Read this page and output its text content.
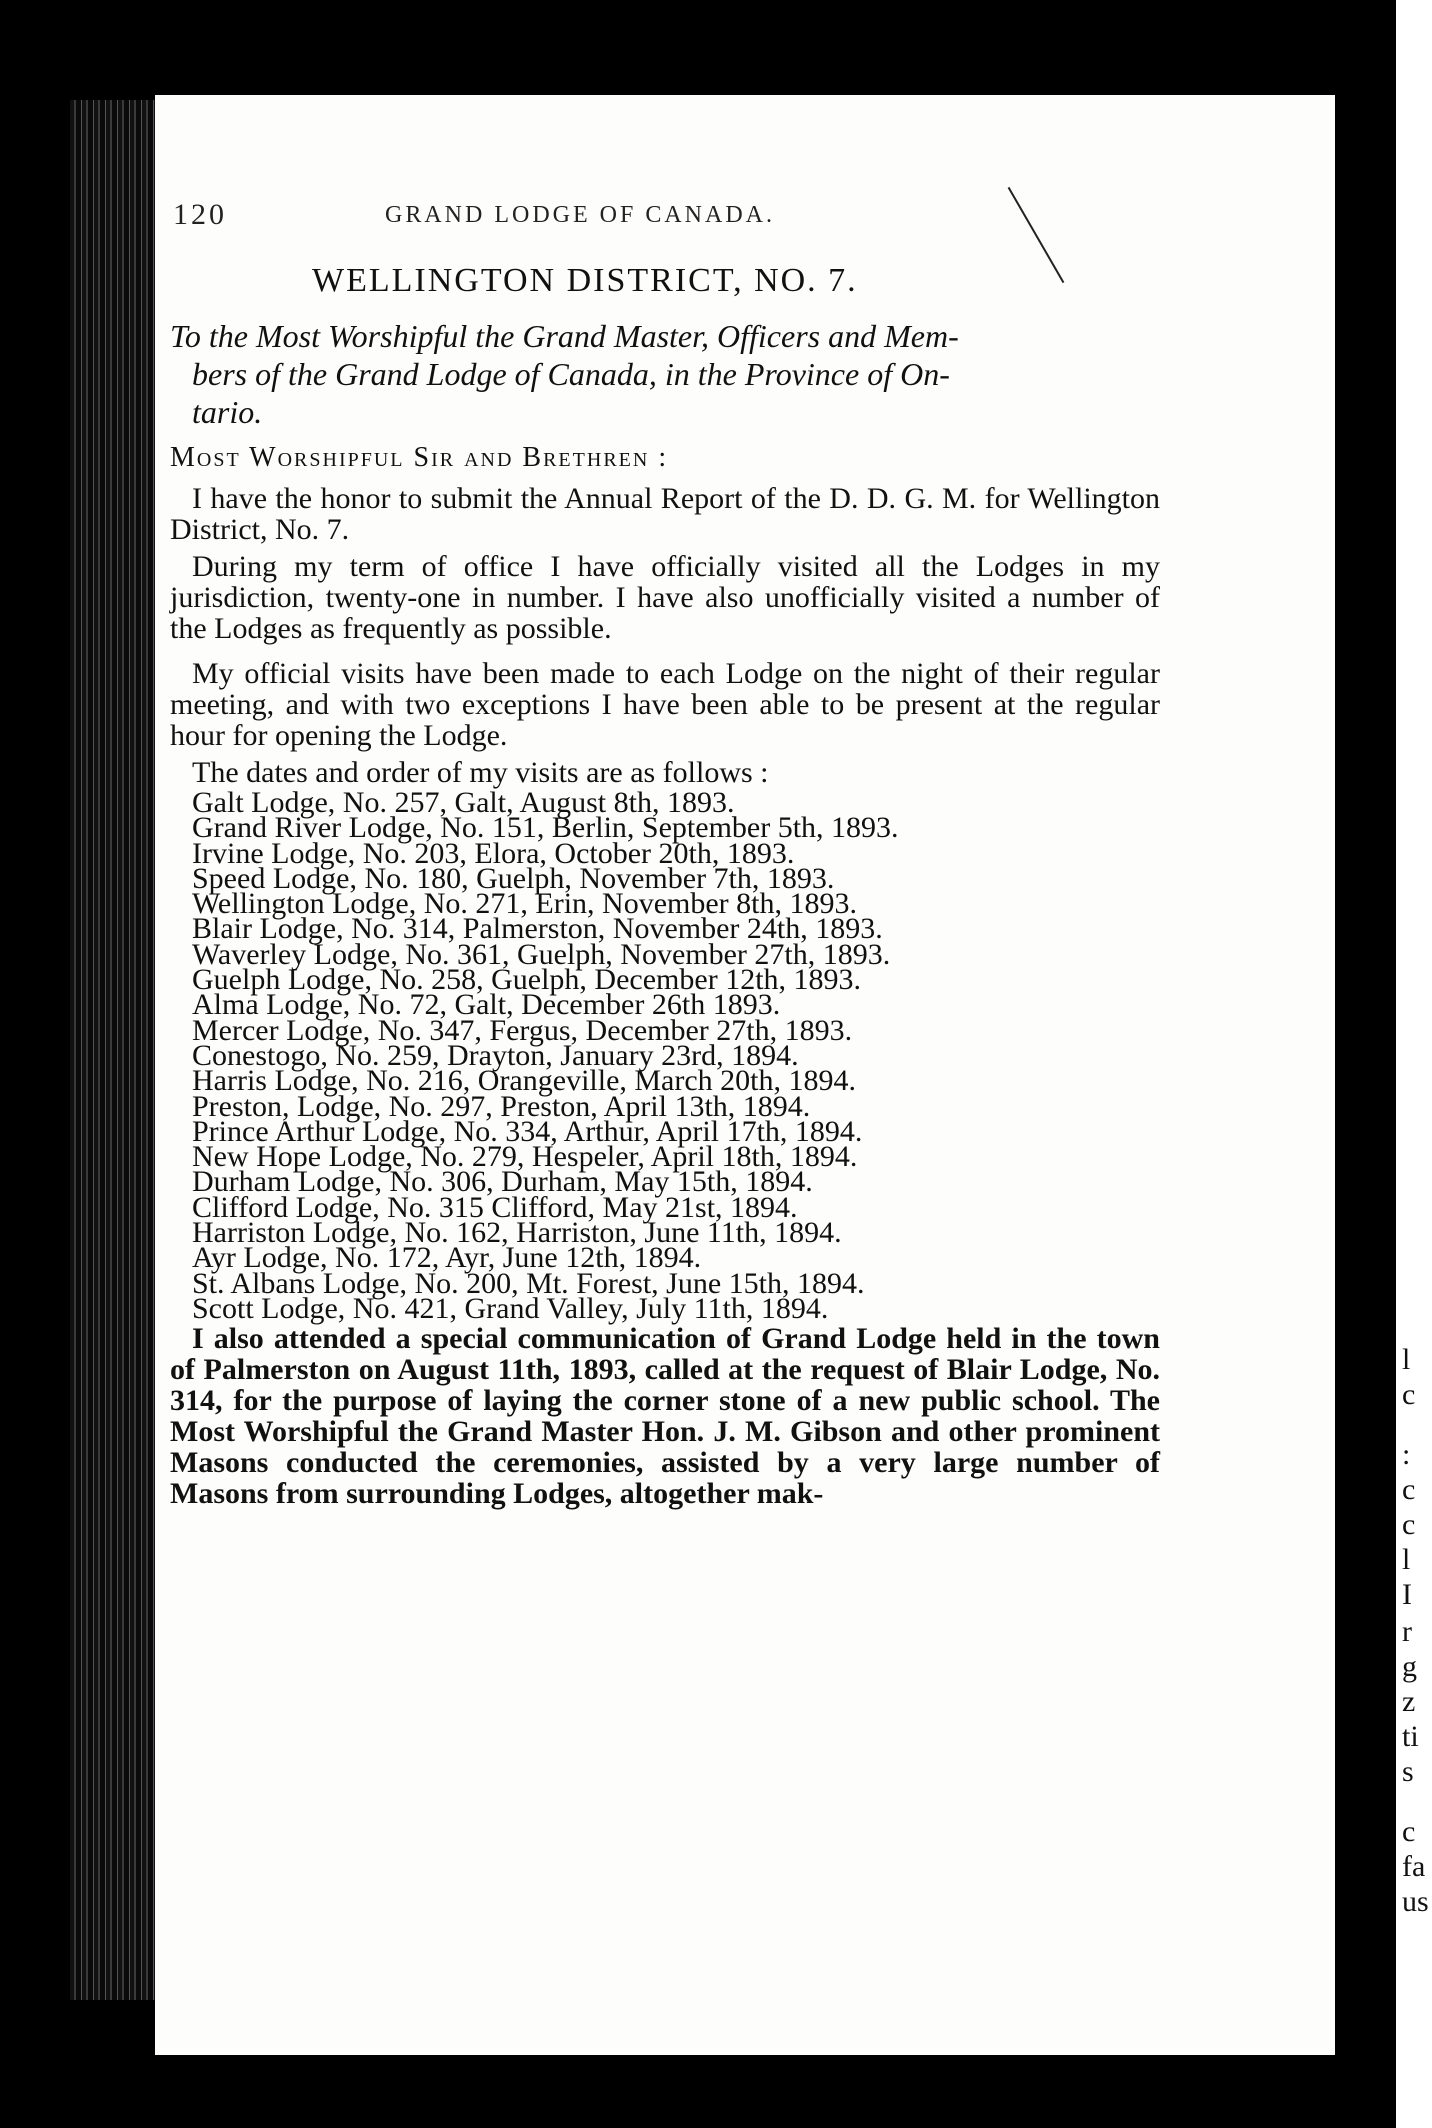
l
c
:
c
c
l
I
r
g
z
ti
s
c
fa
us
120	GRAND LODGE OF CANADA.
WELLINGTON DISTRICT, NO. 7.

To the Most Worshipful the Grand Master, Officers and Mem-

bers of the Grand Lodge of Canada, in the Province of On-

tario.

Most Worshipful Sir and Brethren :

I have the honor to submit the Annual Report of the D. D. G. M. for Wellington District, No. 7.

During my term of office I have officially visited all the Lodges in my jurisdiction, twenty-one in number. I have also unofficially visited a number of the Lodges as frequently as possible.

My official visits have been made to each Lodge on the night of their regular meeting, and with two exceptions I have been able to be present at the regular hour for opening the Lodge.

The dates and order of my visits are as follows :

Galt Lodge, No. 257, Galt, August 8th, 1893.
Grand River Lodge, No. 151, Berlin, September 5th, 1893.
Irvine Lodge, No. 203, Elora, October 20th, 1893.
Speed Lodge, No. 180, Guelph, November 7th, 1893.
Wellington Lodge, No. 271, Erin, November 8th, 1893.
Blair Lodge, No. 314, Palmerston, November 24th, 1893.
Waverley Lodge, No. 361, Guelph, November 27th, 1893.
Guelph Lodge, No. 258, Guelph, December 12th, 1893.
Alma Lodge, No. 72, Galt, December 26th 1893.
Mercer Lodge, No. 347, Fergus, December 27th, 1893.
Conestogo, No. 259, Drayton, January 23rd, 1894.
Harris Lodge, No. 216, Orangeville, March 20th, 1894.
Preston, Lodge, No. 297, Preston, April 13th, 1894.
Prince Arthur Lodge, No. 334, Arthur, April 17th, 1894.
New Hope Lodge, No. 279, Hespeler, April 18th, 1894.
Durham Lodge, No. 306, Durham, May 15th, 1894.
Clifford Lodge, No. 315 Clifford, May 21st, 1894.
Harriston Lodge, No. 162, Harriston, June 11th, 1894.
Ayr Lodge, No. 172, Ayr, June 12th, 1894.
St. Albans Lodge, No. 200, Mt. Forest, June 15th, 1894.
Scott Lodge, No. 421, Grand Valley, July 11th, 1894.

I also attended a special communication of Grand Lodge held in the town of Palmerston on August 11th, 1893, called at the request of Blair Lodge, No. 314, for the purpose of laying the corner stone of a new public school. The Most Worshipful the Grand Master Hon. J. M. Gibson and other prominent Masons conducted the ceremonies, assisted by a very large number of Masons from surrounding Lodges, altogether mak-
